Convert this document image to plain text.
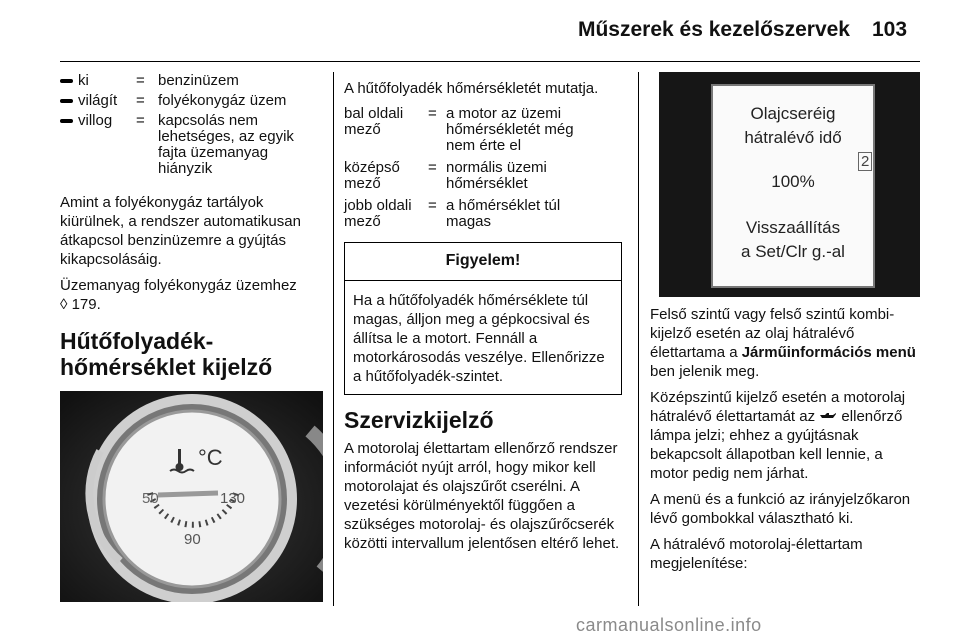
Műszerek és kezelőszervek 103
ki	=	benzinüzem
világít	=	folyékonygáz üzem
villog	=	kapcsolás nem lehetséges, az egyik fajta üzemanyag hiányzik

Amint a folyékonygáz tartályok kiürülnek, a rendszer automatikusan átkapcsol benzinüzemre a gyújtás kikapcsolásáig.

Üzemanyag folyékonygáz üzemhez
◊ 179.

Hűtőfolyadék-hőmérséklet kijelző
°C
50
90
130

A hűtőfolyadék hőmérsékletét mutatja.

bal oldali mező	=	a motor az üzemi hőmérsékletét még nem érte el
középső mező	=	normális üzemi hőmérséklet
jobb oldali mező	=	a hőmérséklet túl magas
Figyelem!
Ha a hűtőfolyadék hőmérséklete túl magas, álljon meg a gépkocsival és állítsa le a motort. Fennáll a motorkárosodás veszélye. Ellenőrizze a hűtőfolyadék-szintet.
Szervizkijelző

A motorolaj élettartam ellenőrző rendszer információt nyújt arról, hogy mikor kell motorolajat és olajszűrőt cserélni. A vezetési körülményektől függően a szükséges motorolaj- és olajszűrőcserék közötti intervallum jelentősen eltérő lehet.

Olajcseréig
hátralévő idő
100%
Visszaállítás
a Set/Clr g.-al
2

Felső szintű vagy felső szintű kombi-kijelző esetén az olaj hátralévő élettartama a Járműinformációs menü ben jelenik meg.

Középszintű kijelző esetén a motorolaj hátralévő élettartamát az  ellenőrző lámpa jelzi; ehhez a gyújtásnak bekapcsolt állapotban kell lennie, a motor pedig nem járhat.

A menü és a funkció az irányjelzőkaron lévő gombokkal választható ki.

A hátralévő motorolaj-élettartam megjelenítése:

carmanualsonline.info
